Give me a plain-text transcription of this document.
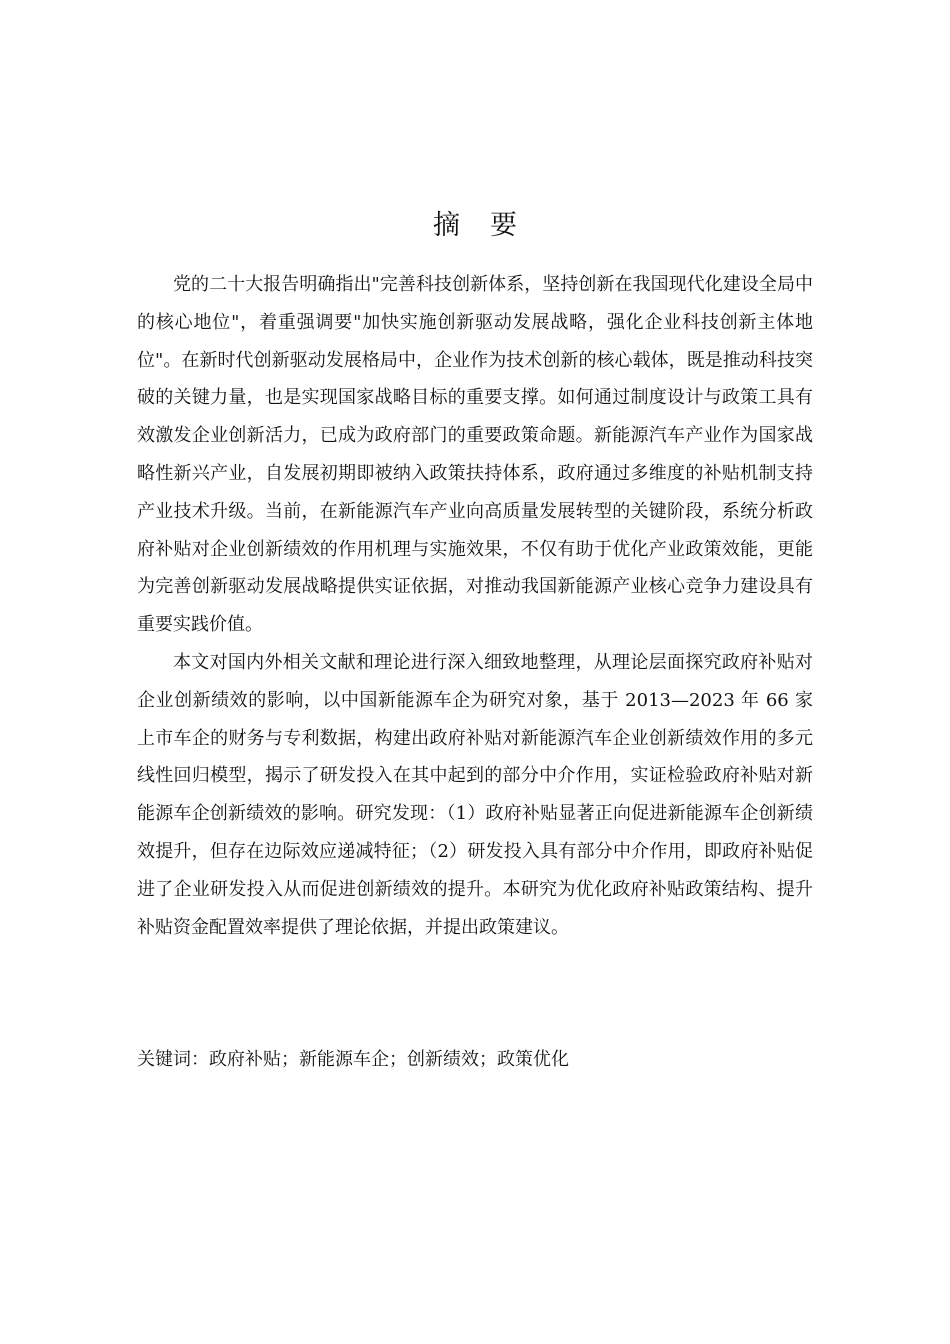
摘 要

党的二十大报告明确指出"完善科技创新体系，坚持创新在我国现代化建设全局中的核心地位"，着重强调要"加快实施创新驱动发展战略，强化企业科技创新主体地位"。在新时代创新驱动发展格局中，企业作为技术创新的核心载体，既是推动科技突破的关键力量，也是实现国家战略目标的重要支撑。如何通过制度设计与政策工具有效激发企业创新活力，已成为政府部门的重要政策命题。新能源汽车产业作为国家战略性新兴产业，自发展初期即被纳入政策扶持体系，政府通过多维度的补贴机制支持产业技术升级。当前，在新能源汽车产业向高质量发展转型的关键阶段，系统分析政府补贴对企业创新绩效的作用机理与实施效果，不仅有助于优化产业政策效能，更能为完善创新驱动发展战略提供实证依据，对推动我国新能源产业核心竞争力建设具有重要实践价值。

本文对国内外相关文献和理论进行深入细致地整理，从理论层面探究政府补贴对企业创新绩效的影响，以中国新能源车企为研究对象，基于 2013—2023 年 66 家上市车企的财务与专利数据，构建出政府补贴对新能源汽车企业创新绩效作用的多元线性回归模型，揭示了研发投入在其中起到的部分中介作用，实证检验政府补贴对新能源车企创新绩效的影响。研究发现：（1）政府补贴显著正向促进新能源车企创新绩效提升，但存在边际效应递减特征；（2）研发投入具有部分中介作用，即政府补贴促进了企业研发投入从而促进创新绩效的提升。本研究为优化政府补贴政策结构、提升补贴资金配置效率提供了理论依据，并提出政策建议。

关键词：政府补贴；新能源车企；创新绩效；政策优化
